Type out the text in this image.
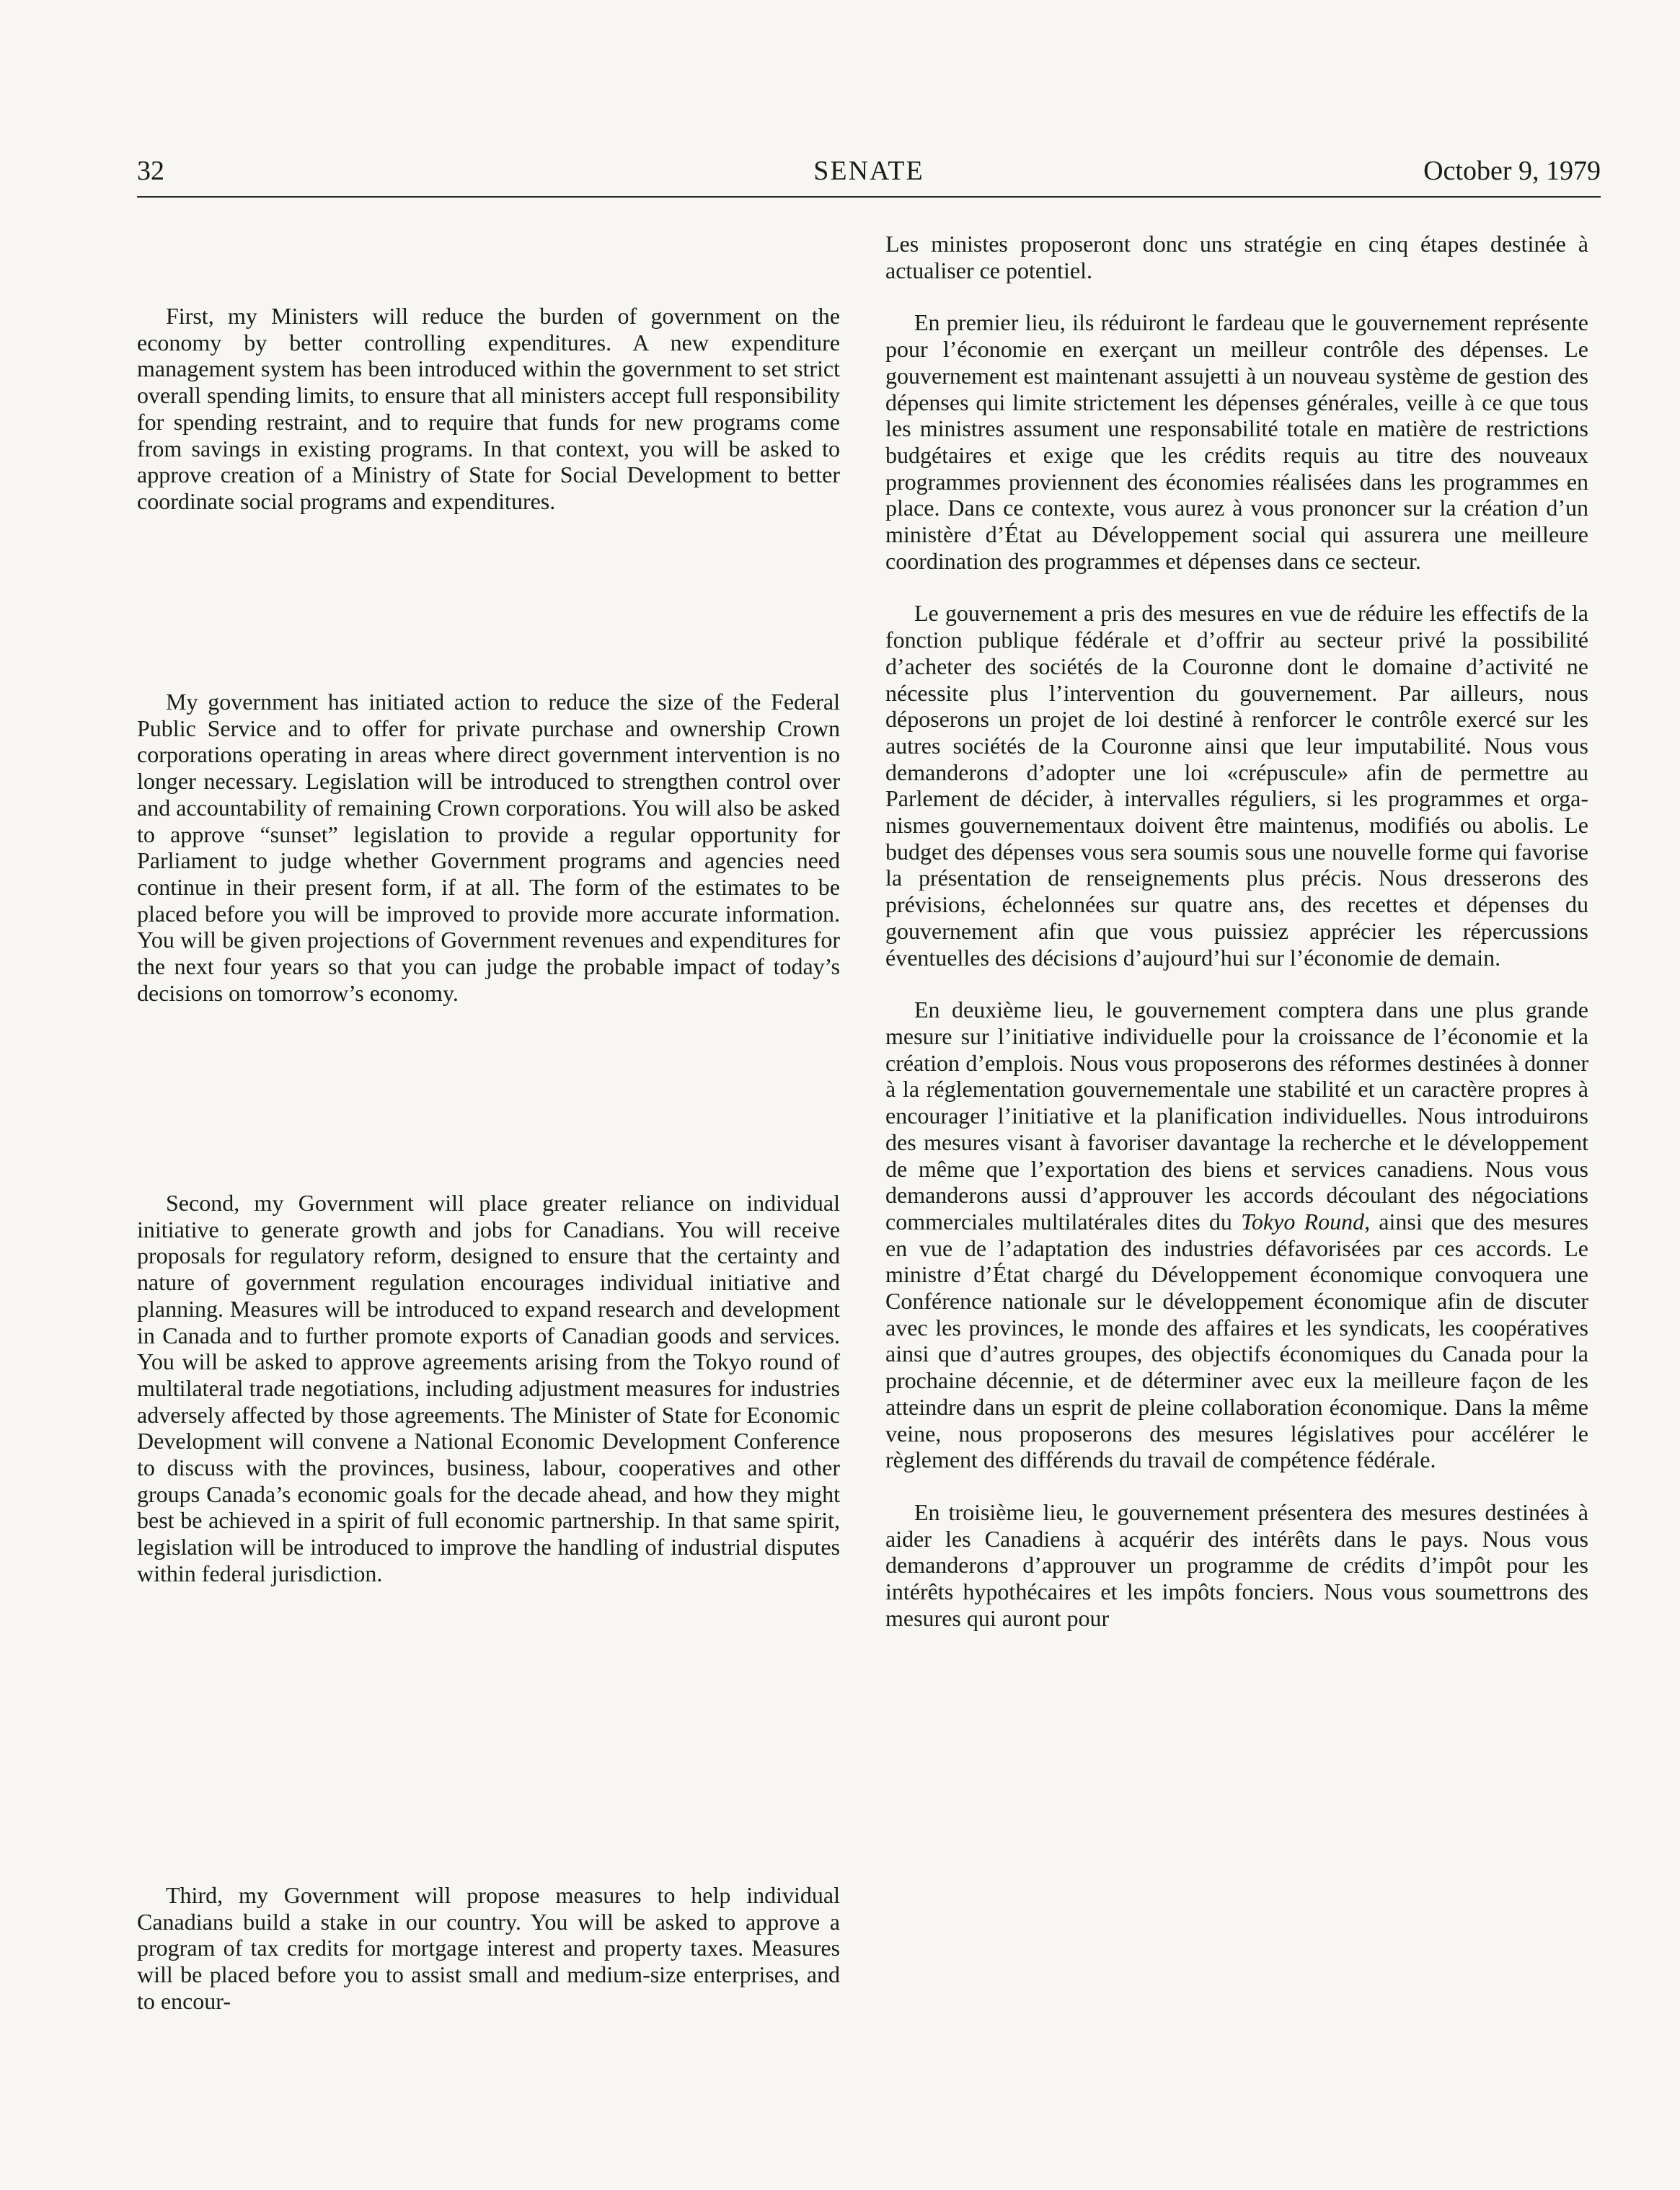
32	SENATE	October 9, 1979

First, my Ministers will reduce the burden of government on the economy by better controlling expenditures. A new expenditure management system has been introduced within the government to set strict overall spending limits, to ensure that all ministers accept full responsibility for spending restraint, and to require that funds for new programs come from savings in existing programs. In that context, you will be asked to approve creation of a Ministry of State for Social Development to better coordinate social programs and expenditures.

My government has initiated action to reduce the size of the Federal Public Service and to offer for private purchase and ownership Crown corporations operating in areas where direct government intervention is no longer necessary. Legislation will be introduced to strengthen control over and accountability of remaining Crown corporations. You will also be asked to approve “sunset” legislation to provide a regular opportunity for Parliament to judge whether Government programs and agencies need continue in their present form, if at all. The form of the estimates to be placed before you will be improved to provide more accurate information. You will be given projections of Government revenues and expenditures for the next four years so that you can judge the probable impact of today’s decisions on tomorrow’s economy.

Second, my Government will place greater reliance on individual initiative to generate growth and jobs for Canadians. You will receive proposals for regulatory reform, designed to ensure that the certainty and nature of government regulation encourages individual initiative and planning. Measures will be introduced to expand research and development in Canada and to further promote exports of Canadian goods and services. You will be asked to approve agreements arising from the Tokyo round of multilateral trade negotiations, including adjustment measures for industries adversely affected by those agreements. The Minister of State for Economic Development will convene a National Economic Development Conference to discuss with the provinces, business, labour, cooperatives and other groups Canada’s economic goals for the decade ahead, and how they might best be achieved in a spirit of full economic partnership. In that same spirit, legislation will be introduced to improve the handling of industrial disputes within federal jurisdiction.

Third, my Government will propose measures to help individual Canadians build a stake in our country. You will be asked to approve a program of tax credits for mortgage interest and property taxes. Measures will be placed before you to assist small and medium-size enterprises, and to encour-

Les ministes proposeront donc uns stratégie en cinq étapes destinée à actualiser ce potentiel.

En premier lieu, ils réduiront le fardeau que le gouvernement représente pour l’économie en exerçant un meilleur contrôle des dépenses. Le gouvernement est maintenant assujetti à un nouveau système de gestion des dépenses qui limite strictement les dépenses générales, veille à ce que tous les ministres assument une responsabilité totale en matière de restrictions budgétaires et exige que les crédits requis au titre des nouveaux programmes proviennent des économies réalisées dans les programmes en place. Dans ce contexte, vous aurez à vous prononcer sur la création d’un ministère d’État au Développement social qui assurera une meilleure coordination des programmes et dépenses dans ce secteur.

Le gouvernement a pris des mesures en vue de réduire les effectifs de la fonction publique fédérale et d’offrir au secteur privé la possibilité d’acheter des sociétés de la Couronne dont le domaine d’activité ne nécessite plus l’intervention du gouvernement. Par ailleurs, nous déposerons un projet de loi destiné à renforcer le contrôle exercé sur les autres sociétés de la Couronne ainsi que leur imputabilité. Nous vous demanderons d’adopter une loi «crépuscule» afin de permettre au Parlement de décider, à intervalles réguliers, si les programmes et organismes gouvernementaux doivent être maintenus, modifiés ou abolis. Le budget des dépenses vous sera soumis sous une nouvelle forme qui favorise la présentation de renseignements plus précis. Nous dresserons des prévisions, échelonnées sur quatre ans, des recettes et dépenses du gouvernement afin que vous puissiez apprécier les répercussions éventuelles des décisions d’aujourd’hui sur l’économie de demain.

En deuxième lieu, le gouvernement comptera dans une plus grande mesure sur l’initiative individuelle pour la croissance de l’économie et la création d’emplois. Nous vous proposerons des réformes destinées à donner à la réglementation gouvernementale une stabilité et un caractère propres à encourager l’initiative et la planification individuelles. Nous introduirons des mesures visant à favoriser davantage la recherche et le développement de même que l’exportation des biens et services canadiens. Nous vous demanderons aussi d’approuver les accords découlant des négociations commerciales multilatérales dites du Tokyo Round, ainsi que des mesures en vue de l’adaptation des industries défavorisées par ces accords. Le ministre d’État chargé du Développement économique convoquera une Conférence nationale sur le développement économique afin de discuter avec les provinces, le monde des affaires et les syndicats, les coopératives ainsi que d’autres groupes, des objectifs économiques du Canada pour la prochaine décennie, et de déterminer avec eux la meilleure façon de les atteindre dans un esprit de pleine collaboration économique. Dans la même veine, nous proposerons des mesures législatives pour accélérer le règlement des différends du travail de compétence fédérale.

En troisième lieu, le gouvernement présentera des mesures destinées à aider les Canadiens à acquérir des intérêts dans le pays. Nous vous demanderons d’approuver un programme de crédits d’impôt pour les intérêts hypothécaires et les impôts fonciers. Nous vous soumettrons des mesures qui auront pour
